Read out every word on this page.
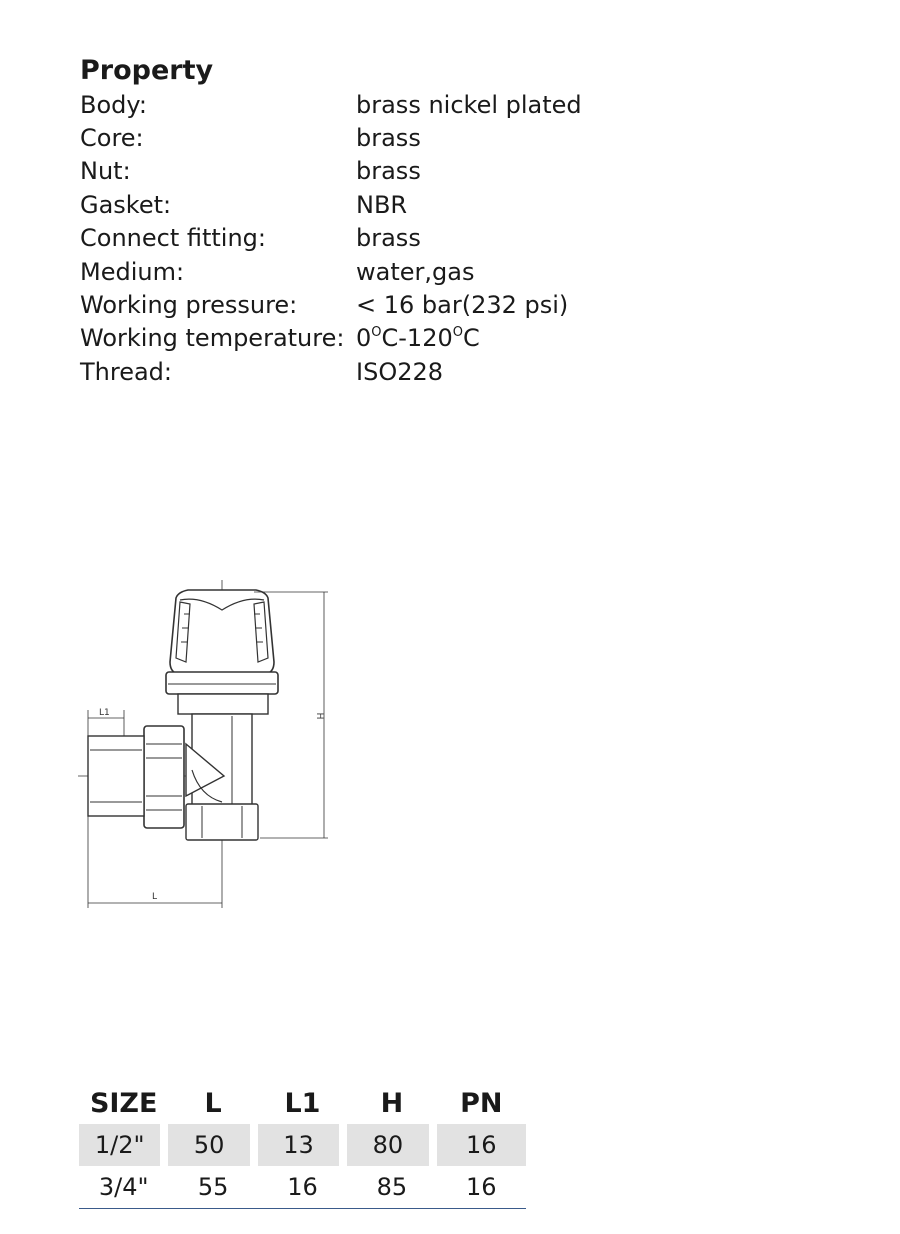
Property
Body:	brass nickel plated
Core:	brass
Nut:	brass
Gasket:	NBR
Connect fitting:	brass
Medium:	water,gas
Working pressure:	< 16 bar(232 psi)
Working temperature: $0^OC-120^OC$
Thread:	ISO228
L1	H
L
SIZE	L	L1	H	PN
1/2"	50	13	80	16
3/4"	55	16	85	16
